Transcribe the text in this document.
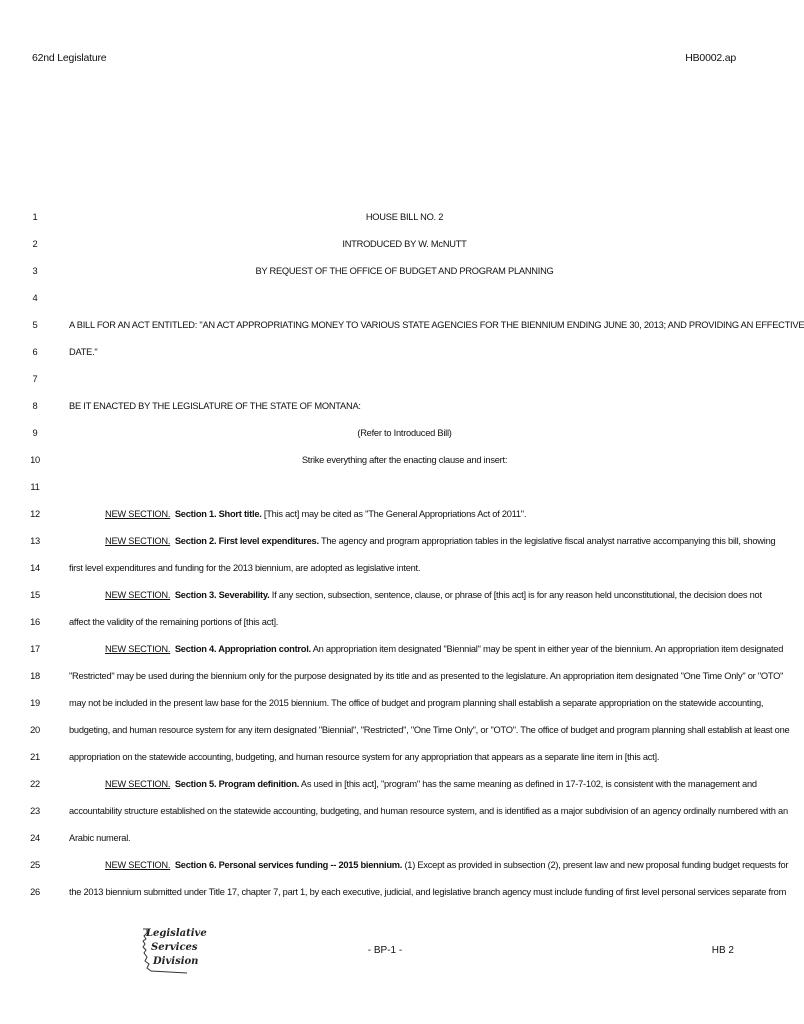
62nd Legislature	HB0002.ap
1	HOUSE BILL NO. 2
2	INTRODUCED BY W. McNUTT
3	BY REQUEST OF THE OFFICE OF BUDGET AND PROGRAM PLANNING
4
5	A BILL FOR AN ACT ENTITLED: "AN ACT APPROPRIATING MONEY TO VARIOUS STATE AGENCIES FOR THE BIENNIUM ENDING JUNE 30, 2013; AND PROVIDING AN EFFECTIVE
6	DATE."
7
8	BE IT ENACTED BY THE LEGISLATURE OF THE STATE OF MONTANA:
9	(Refer to Introduced Bill)
10	Strike everything after the enacting clause and insert:
11
12	NEW SECTION. Section 1. Short title. [This act] may be cited as "The General Appropriations Act of 2011".
13	NEW SECTION. Section 2. First level expenditures. The agency and program appropriation tables in the legislative fiscal analyst narrative accompanying this bill, showing
14	first level expenditures and funding for the 2013 biennium, are adopted as legislative intent.
15	NEW SECTION. Section 3. Severability. If any section, subsection, sentence, clause, or phrase of [this act] is for any reason held unconstitutional, the decision does not
16	affect the validity of the remaining portions of [this act].
17	NEW SECTION. Section 4. Appropriation control. An appropriation item designated "Biennial" may be spent in either year of the biennium. An appropriation item designated
18	"Restricted" may be used during the biennium only for the purpose designated by its title and as presented to the legislature. An appropriation item designated "One Time Only" or "OTO"
19	may not be included in the present law base for the 2015 biennium. The office of budget and program planning shall establish a separate appropriation on the statewide accounting,
20	budgeting, and human resource system for any item designated "Biennial", "Restricted", "One Time Only", or "OTO". The office of budget and program planning shall establish at least one
21	appropriation on the statewide accounting, budgeting, and human resource system for any appropriation that appears as a separate line item in [this act].
22	NEW SECTION. Section 5. Program definition. As used in [this act], "program" has the same meaning as defined in 17-7-102, is consistent with the management and
23	accountability structure established on the statewide accounting, budgeting, and human resource system, and is identified as a major subdivision of an agency ordinally numbered with an
24	Arabic numeral.
25	NEW SECTION. Section 6. Personal services funding -- 2015 biennium. (1) Except as provided in subsection (2), present law and new proposal funding budget requests for
26	the 2013 biennium submitted under Title 17, chapter 7, part 1, by each executive, judicial, and legislative branch agency must include funding of first level personal services separate from
Legislative
Services
Division
- BP-1 -	HB 2
